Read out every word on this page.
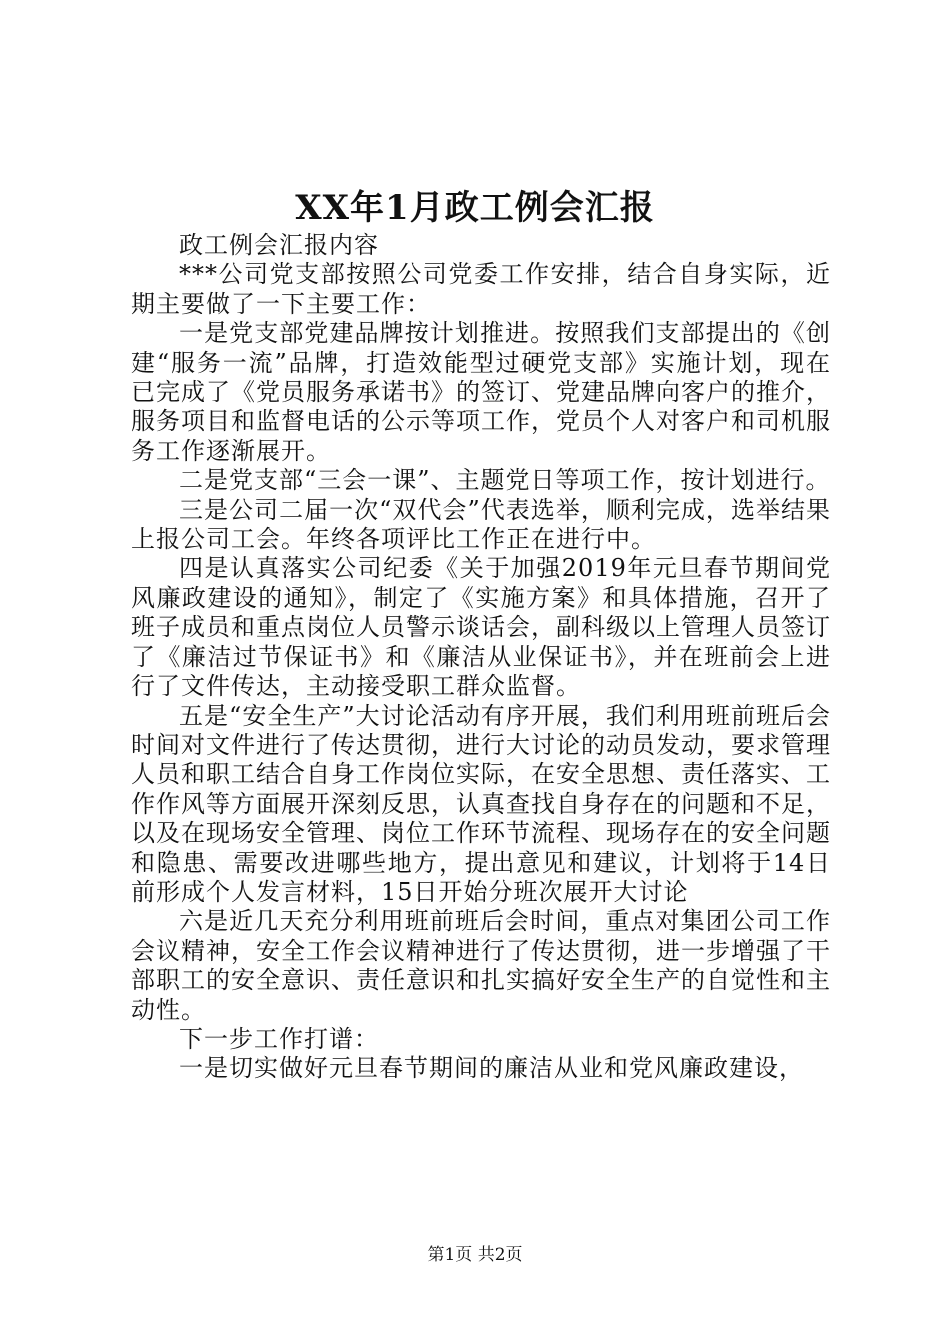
XX年1月政工例会汇报

政工例会汇报内容

***公司党支部按照公司党委工作安排，结合自身实际，近期主要做了一下主要工作：

一是党支部党建品牌按计划推进。按照我们支部提出的《创建“服务一流”品牌，打造效能型过硬党支部》实施计划，现在已完成了《党员服务承诺书》的签订、党建品牌向客户的推介，服务项目和监督电话的公示等项工作，党员个人对客户和司机服务工作逐渐展开。

二是党支部“三会一课”、主题党日等项工作，按计划进行。

三是公司二届一次“双代会”代表选举，顺利完成，选举结果上报公司工会。年终各项评比工作正在进行中。

四是认真落实公司纪委《关于加强2019年元旦春节期间党风廉政建设的通知》，制定了《实施方案》和具体措施，召开了班子成员和重点岗位人员警示谈话会，副科级以上管理人员签订了《廉洁过节保证书》和《廉洁从业保证书》，并在班前会上进行了文件传达，主动接受职工群众监督。

五是“安全生产”大讨论活动有序开展，我们利用班前班后会时间对文件进行了传达贯彻，进行大讨论的动员发动，要求管理人员和职工结合自身工作岗位实际，在安全思想、责任落实、工作作风等方面展开深刻反思，认真查找自身存在的问题和不足，以及在现场安全管理、岗位工作环节流程、现场存在的安全问题和隐患、需要改进哪些地方，提出意见和建议，计划将于14日前形成个人发言材料，15日开始分班次展开大讨论

六是近几天充分利用班前班后会时间，重点对集团公司工作会议精神，安全工作会议精神进行了传达贯彻，进一步增强了干部职工的安全意识、责任意识和扎实搞好安全生产的自觉性和主动性。

下一步工作打谱：

一是切实做好元旦春节期间的廉洁从业和党风廉政建设，

第1页 共2页
